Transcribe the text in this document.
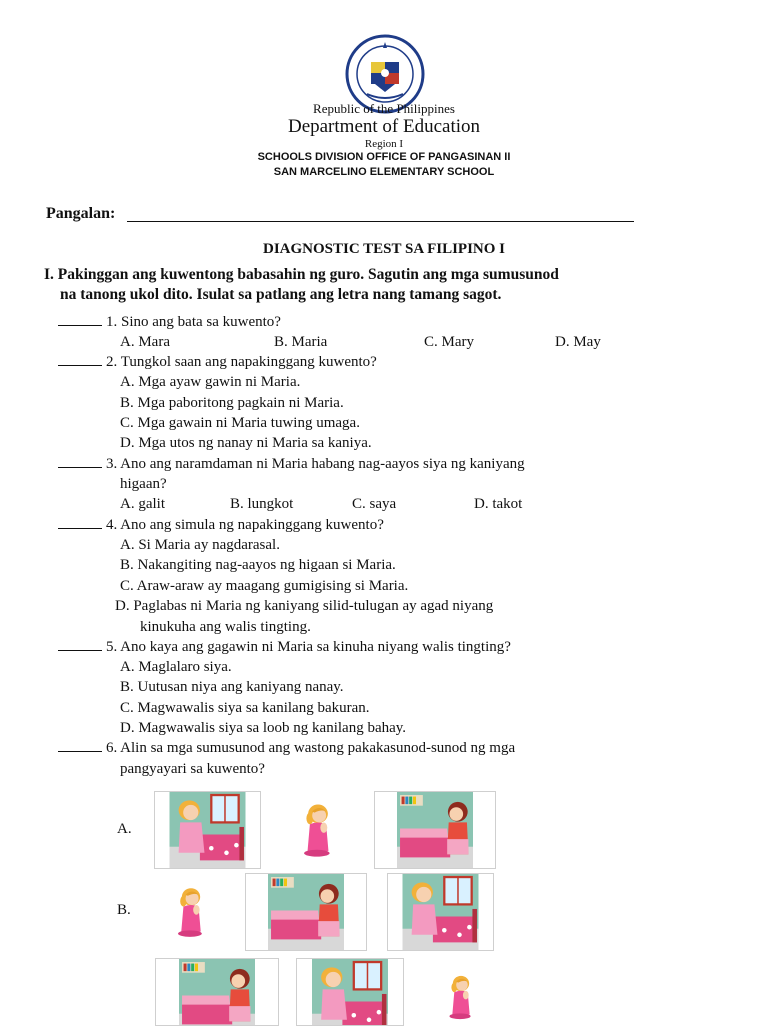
Republic of the Philippines
Department of Education
Region I
SCHOOLS DIVISION OFFICE OF PANGASINAN II
SAN MARCELINO ELEMENTARY SCHOOL
Pangalan:
DIAGNOSTIC TEST SA FILIPINO I
I. Pakinggan ang kuwentong babasahin ng guro. Sagutin ang mga sumusunod
na tanong ukol dito. Isulat sa patlang ang letra nang tamang sagot.
1. Sino ang bata sa kuwento?
A. Mara	B. Maria	C. Mary	D. May
2. Tungkol saan ang napakinggang kuwento?
A. Mga ayaw gawin ni Maria.
B. Mga paboritong pagkain ni Maria.
C. Mga gawain ni Maria tuwing umaga.
D. Mga utos ng nanay ni Maria sa kaniya.
3. Ano ang naramdaman ni Maria habang nag-aayos siya ng kaniyang
higaan?
A. galit	B. lungkot	C. saya	D. takot
4. Ano ang simula ng napakinggang kuwento?
A. Si Maria ay nagdarasal.
B. Nakangiting nag-aayos ng higaan si Maria.
C. Araw-araw ay maagang gumigising si Maria.
D. Paglabas ni Maria ng kaniyang silid-tulugan ay agad niyang
kinukuha ang walis tingting.
5. Ano kaya ang gagawin ni Maria sa kinuha niyang walis tingting?
A. Maglalaro siya.
B. Uutusan niya ang kaniyang nanay.
C. Magwawalis siya sa kanilang bakuran.
D. Magwawalis siya sa loob ng kanilang bahay.
6. Alin sa mga sumusunod ang wastong pakakasunod-sunod ng mga
pangyayari sa kuwento?
A.
B.
